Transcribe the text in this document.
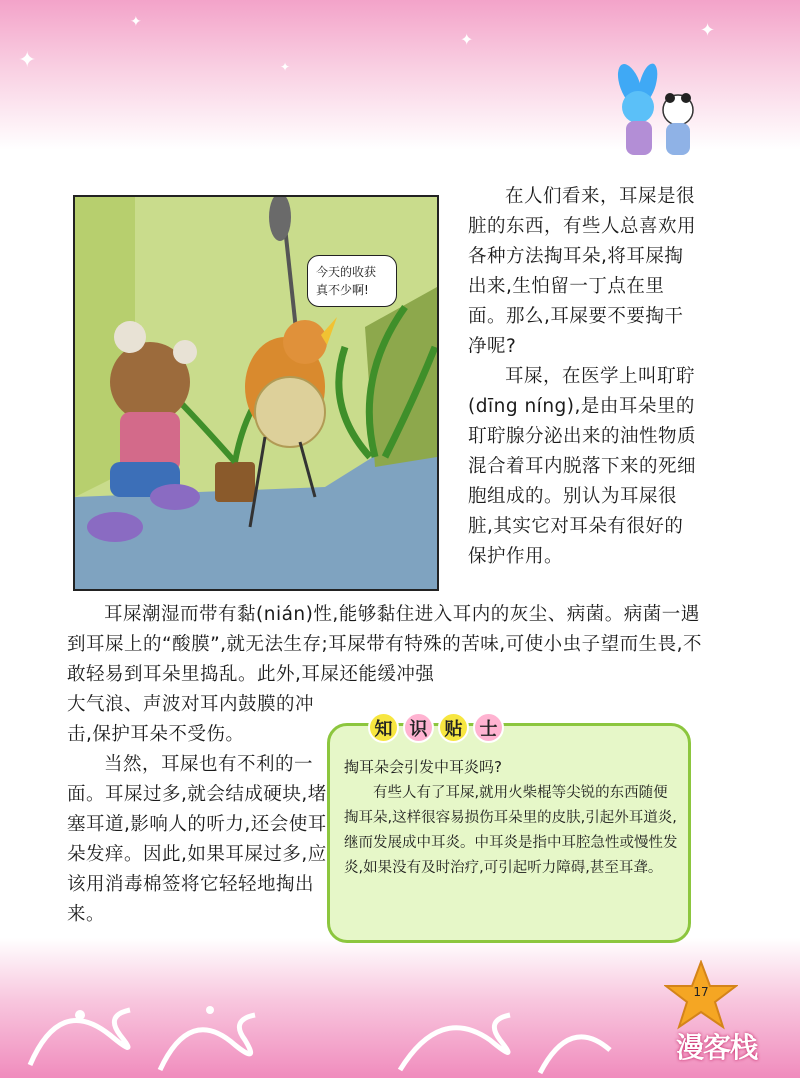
✦
✦
✦
✦	✦
今天的收获
真不少啊!

在人们看来，耳屎是很脏的东西，有些人总喜欢用各种方法掏耳朵,将耳屎掏出来,生怕留一丁点在里面。那么,耳屎要不要掏干净呢?

耳屎，在医学上叫耵聍(dīng níng),是由耳朵里的耵聍腺分泌出来的油性物质混合着耳内脱落下来的死细胞组成的。别认为耳屎很脏,其实它对耳朵有很好的保护作用。

耳屎潮湿而带有黏(nián)性,能够黏住进入耳内的灰尘、病菌。病菌一遇到耳屎上的“酸膜”,就无法生存;耳屎带有特殊的苦味,可使小虫子望而生畏,不敢轻易到耳朵里捣乱。此外,耳屎还能缓冲强

大气浪、声波对耳内鼓膜的冲击,保护耳朵不受伤。

当然，耳屎也有不利的一面。耳屎过多,就会结成硬块,堵塞耳道,影响人的听力,还会使耳朵发痒。因此,如果耳屎过多,应该用消毒棉签将它轻轻地掏出来。

知 识 贴 士
掏耳朵会引发中耳炎吗?
有些人有了耳屎,就用火柴棍等尖锐的东西随便掏耳朵,这样很容易损伤耳朵里的皮肤,引起外耳道炎,继而发展成中耳炎。中耳炎是指中耳腔急性或慢性发炎,如果没有及时治疗,可引起听力障碍,甚至耳聋。
17
漫客栈
